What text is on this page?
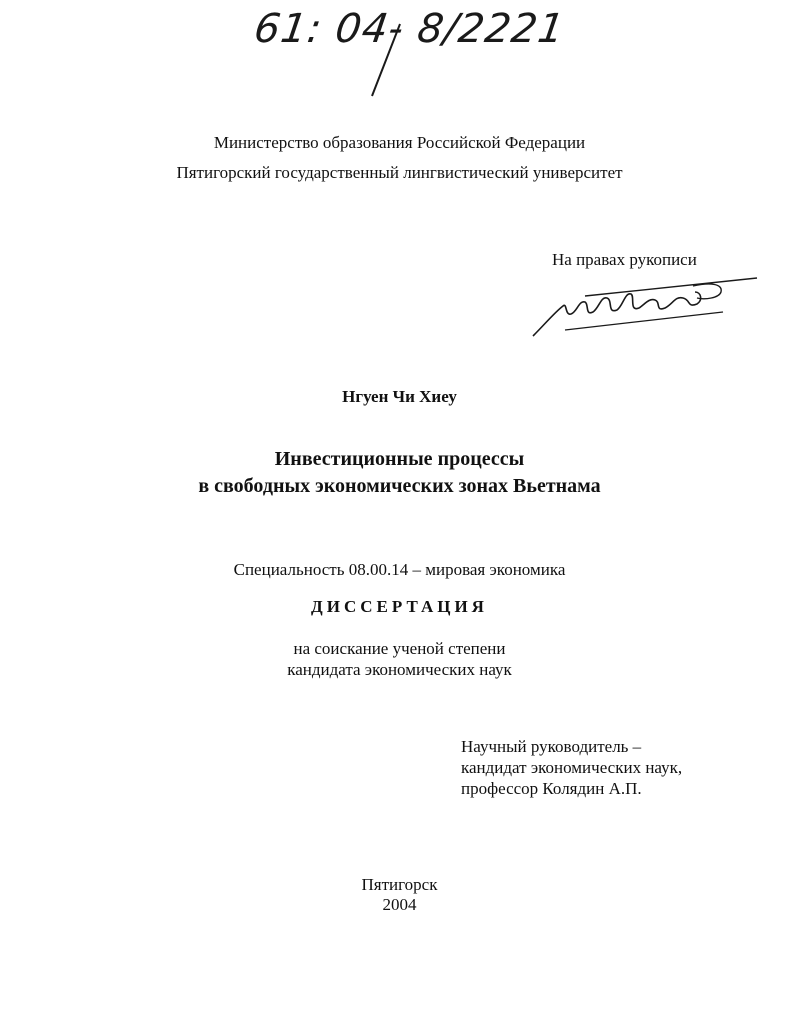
61: 04- 8/2221
Министерство образования Российской Федерации
Пятигорский государственный лингвистический университет
На правах рукописи
Нгуен Чи Хиеу
Инвестиционные процессы
в свободных экономических зонах Вьетнама
Специальность 08.00.14 – мировая экономика
ДИССЕРТАЦИЯ
на соискание ученой степени
кандидата экономических наук
Научный руководитель –
кандидат экономических наук,
профессор Колядин А.П.
Пятигорск
2004
